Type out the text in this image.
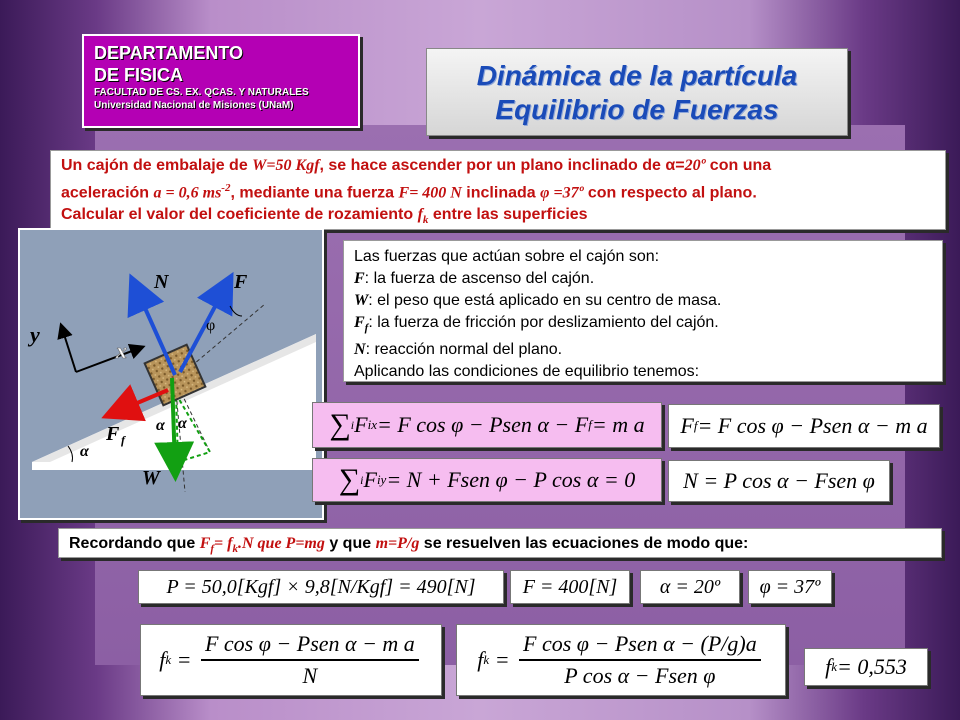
DEPARTAMENTO
DE FISICA
FACULTAD DE CS. EX. QCAS. Y NATURALES
Universidad Nacional de Misiones (UNaM)
Dinámica de la partícula
Equilibrio de Fuerzas
Un cajón de embalaje de W=50 Kgf, se hace ascender por un plano inclinado de α=20º con una
aceleración a = 0,6 $ms^{-2}$, mediante una fuerza F= 400 N inclinada φ =37º con respecto al plano.
Calcular el valor del coeficiente de rozamiento $f_k$ entre las superficies
N	F
φ
y
x
F f
α
α α
W
Las fuerzas que actúan sobre el cajón son:
F: la fuerza de ascenso del cajón.
W: el peso que está aplicado en su centro de masa.
$F_f$: la fuerza de fricción por deslizamiento del cajón.
N: reacción normal del plano.
Aplicando las condiciones de equilibrio tenemos:
∑ i F ix = F cos φ − Psen α − F f = m a F f = F cos φ − Psen α − m a
∑ i F iy = N + Fsen φ − P cos α = 0 N = P cos α − Fsen φ
Recordando que $F_f= f_k.N$ que P=mg y que m=P/g se resuelven las ecuaciones de modo que:
P = 50,0[Kgf] × 9,8[N/Kgf] = 490[N]	F = 400[N]	α = 20º	φ = 37º
f $k = \frac{\text{F cos φ − Psen α − m a}}{N}$	f $k = \frac{\text{F cos φ − Psen α − (P/g)a}}{\text{P cos α − Fsen φ}}$	f k = 0,553
